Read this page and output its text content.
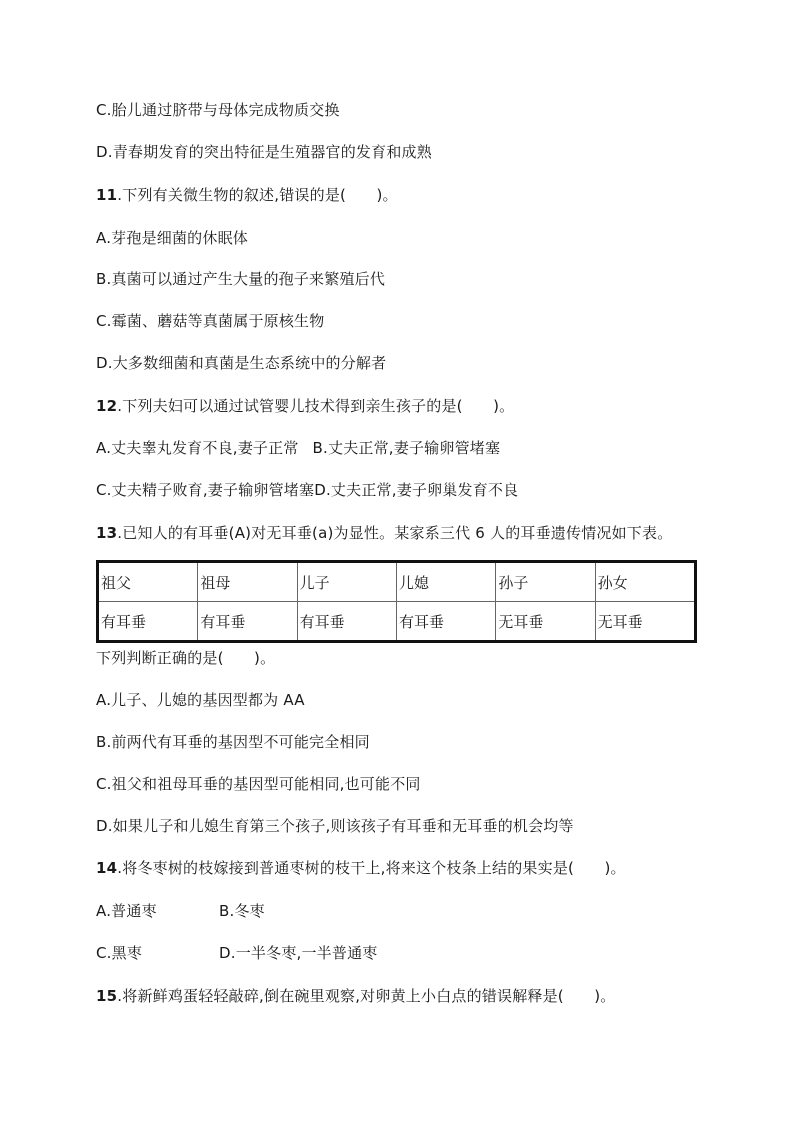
C.胎儿通过脐带与母体完成物质交换
D.青春期发育的突出特征是生殖器官的发育和成熟
11.下列有关微生物的叙述,错误的是(　　)。
A.芽孢是细菌的休眠体
B.真菌可以通过产生大量的孢子来繁殖后代
C.霉菌、蘑菇等真菌属于原核生物
D.大多数细菌和真菌是生态系统中的分解者
12.下列夫妇可以通过试管婴儿技术得到亲生孩子的是(　　)。
A.丈夫睾丸发育不良,妻子正常 B.丈夫正常,妻子输卵管堵塞
C.丈夫精子败育,妻子输卵管堵塞D.丈夫正常,妻子卵巢发育不良
13.已知人的有耳垂(A)对无耳垂(a)为显性。某家系三代 6 人的耳垂遗传情况如下表。
祖父	祖母	儿子	儿媳	孙子	孙女
有耳垂	有耳垂	有耳垂	有耳垂	无耳垂	无耳垂
下列判断正确的是(　　)。
A.儿子、儿媳的基因型都为 AA
B.前两代有耳垂的基因型不可能完全相同
C.祖父和祖母耳垂的基因型可能相同,也可能不同
D.如果儿子和儿媳生育第三个孩子,则该孩子有耳垂和无耳垂的机会均等
14.将冬枣树的枝嫁接到普通枣树的枝干上,将来这个枝条上结的果实是(　　)。
A.普通枣	B.冬枣
C.黑枣	D.一半冬枣,一半普通枣
15.将新鲜鸡蛋轻轻敲碎,倒在碗里观察,对卵黄上小白点的错误解释是(　　)。
